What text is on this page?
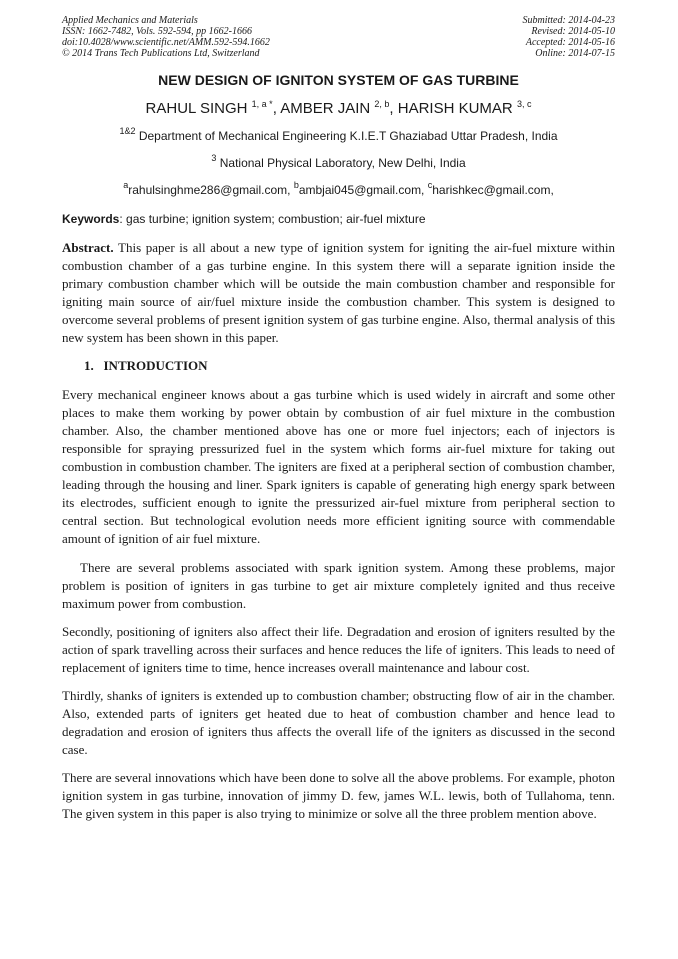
Applied Mechanics and Materials
ISSN: 1662-7482, Vols. 592-594, pp 1662-1666
doi:10.4028/www.scientific.net/AMM.592-594.1662
© 2014 Trans Tech Publications Ltd, Switzerland
Submitted: 2014-04-23
Revised: 2014-05-10
Accepted: 2014-05-16
Online: 2014-07-15
NEW DESIGN OF IGNITON SYSTEM OF GAS TURBINE
RAHUL SINGH $^{1, a *}$, AMBER JAIN $^{2, b}$, HARISH KUMAR $^{3, c}$
$^{1\&2}$ Department of Mechanical Engineering K.I.E.T Ghaziabad Uttar Pradesh, India
$^3$ National Physical Laboratory, New Delhi, India
$^a$rahulsinghme286@gmail.com, $^b$ambjai045@gmail.com, $^c$harishkec@gmail.com,
Keywords: gas turbine; ignition system; combustion; air-fuel mixture

Abstract. This paper is all about a new type of ignition system for igniting the air-fuel mixture within combustion chamber of a gas turbine engine. In this system there will a separate ignition inside the primary combustion chamber which will be outside the main combustion chamber and responsible for igniting main source of air/fuel mixture inside the combustion chamber. This system is designed to overcome several problems of present ignition system of gas turbine engine. Also, thermal analysis of this new system has been shown in this paper.

1. INTRODUCTION

Every mechanical engineer knows about a gas turbine which is used widely in aircraft and some other places to make them working by power obtain by combustion of air fuel mixture in the combustion chamber. Also, the chamber mentioned above has one or more fuel injectors; each of injectors is responsible for spraying pressurized fuel in the system which forms air-fuel mixture for taking out combustion in combustion chamber. The igniters are fixed at a peripheral section of combustion chamber, leading through the housing and liner. Spark igniters is capable of generating high energy spark between its electrodes, sufficient enough to ignite the pressurized air-fuel mixture from peripheral section to central section. But technological evolution needs more efficient igniting source with commendable amount of ignition of air fuel mixture.

There are several problems associated with spark ignition system. Among these problems, major problem is position of igniters in gas turbine to get air mixture completely ignited and thus receive maximum power from combustion.

Secondly, positioning of igniters also affect their life. Degradation and erosion of igniters resulted by the action of spark travelling across their surfaces and hence reduces the life of igniters. This leads to need of replacement of igniters time to time, hence increases overall maintenance and labour cost.

Thirdly, shanks of igniters is extended up to combustion chamber; obstructing flow of air in the chamber. Also, extended parts of igniters get heated due to heat of combustion chamber and hence lead to degradation and erosion of igniters thus affects the overall life of the igniters as discussed in the second case.

There are several innovations which have been done to solve all the above problems. For example, photon ignition system in gas turbine, innovation of jimmy D. few, james W.L. lewis, both of Tullahoma, tenn. The given system in this paper is also trying to minimize or solve all the three problem mention above.
